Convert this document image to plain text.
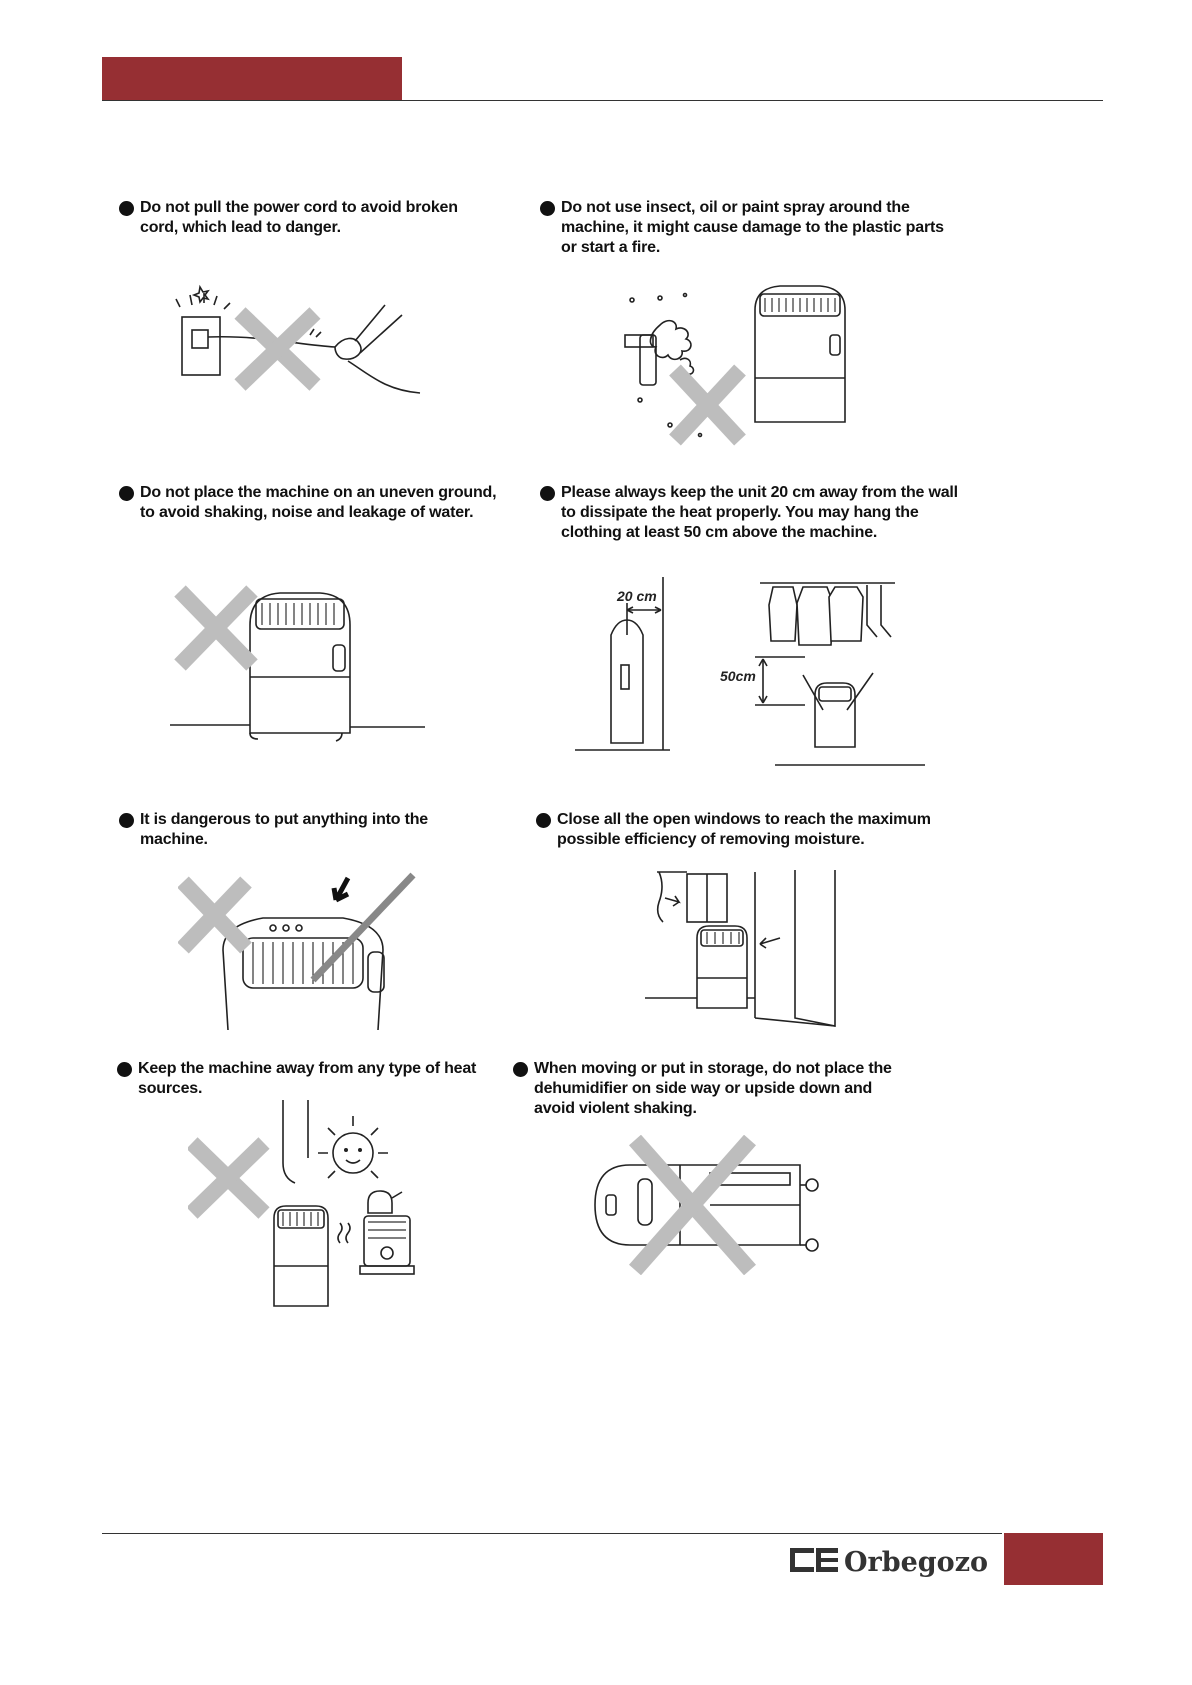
Do not pull the power cord to avoid broken cord, which lead to danger.
Do not use insect, oil or paint spray around the machine, it might cause damage to the plastic parts or start a fire.
Do not place the machine on an uneven ground, to avoid shaking, noise and leakage of water.
Please always keep the unit 20 cm away from the wall to dissipate the heat properly. You may hang the clothing at least 50 cm above the machine.
20 cm
50cm
It is dangerous to put anything into the machine.
Close all the open windows to reach the maximum possible efficiency of removing moisture.
Keep the machine away from any type of heat sources.
When moving or put in storage, do not place the dehumidifier on side way or upside down and avoid violent shaking.
Orbegozo
